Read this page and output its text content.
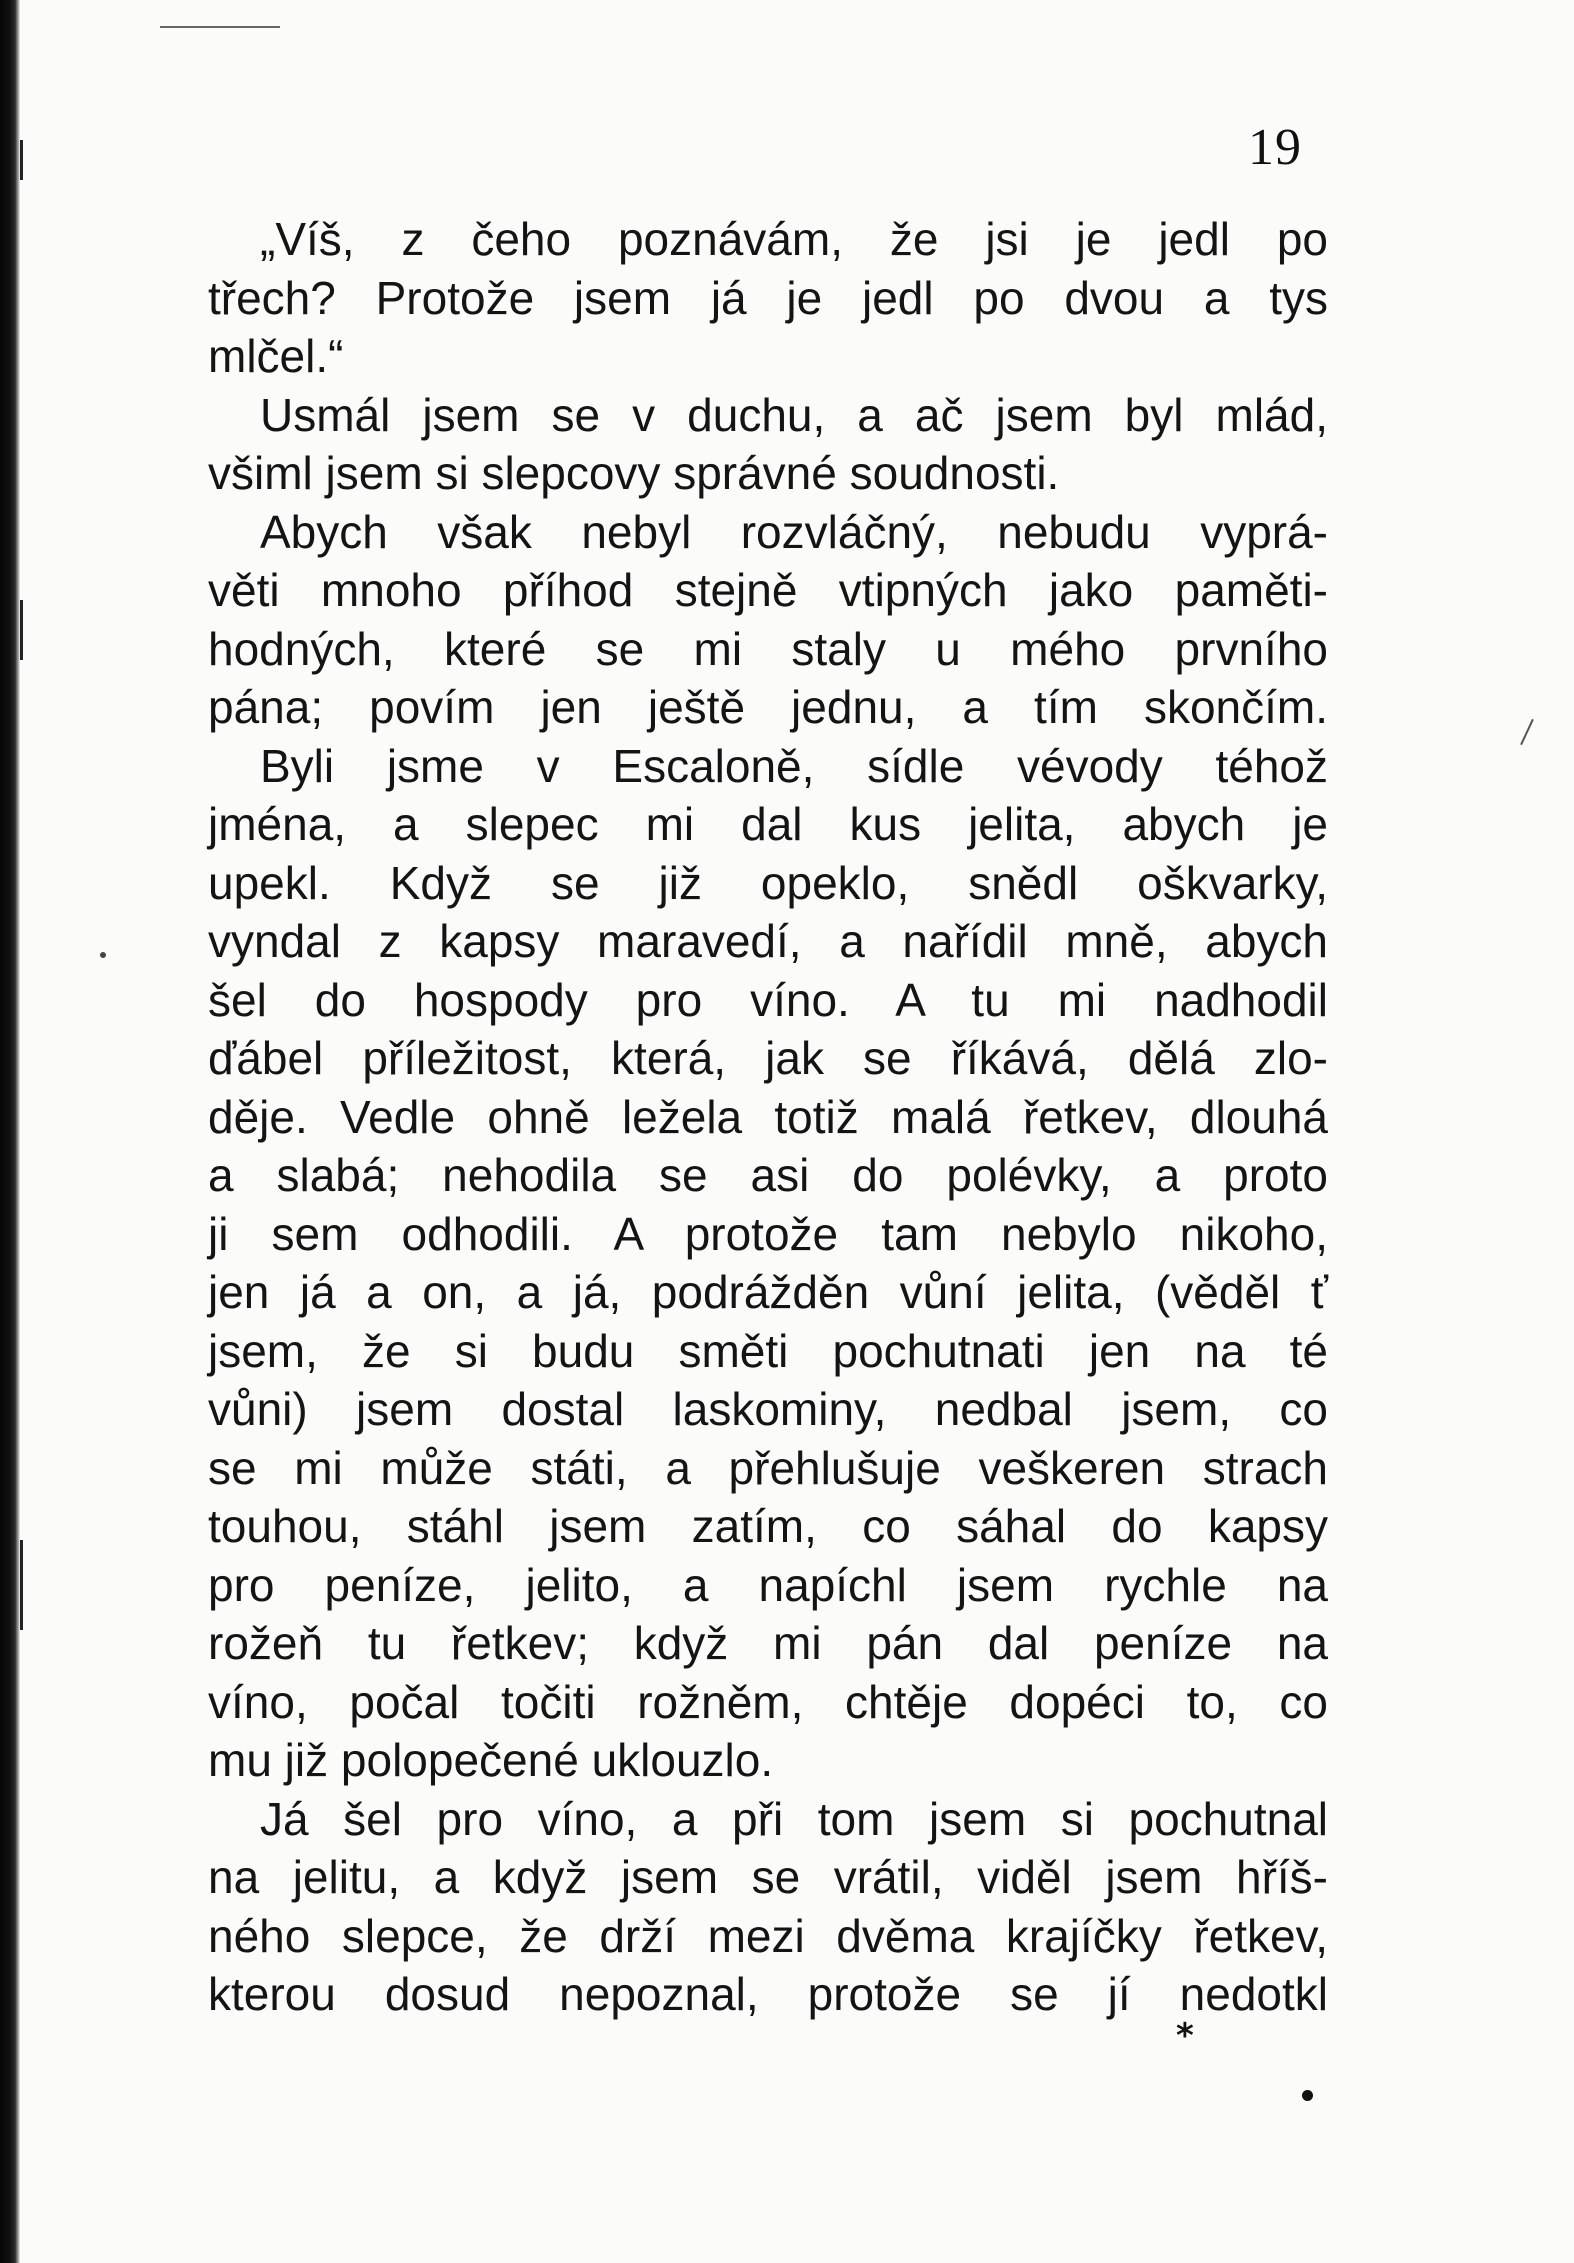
19
„Víš, z čeho poznávám, že jsi je jedl po
třech? Protože jsem já je jedl po dvou a tys
mlčel.“
Usmál jsem se v duchu, a ač jsem byl mlád,
všiml jsem si slepcovy správné soudnosti.
Abych však nebyl rozvláčný, nebudu vyprá-
věti mnoho příhod stejně vtipných jako paměti-
hodných, které se mi staly u mého prvního
pána; povím jen ještě jednu, a tím skončím.
Byli jsme v Escaloně, sídle vévody téhož
jména, a slepec mi dal kus jelita, abych je
upekl. Když se již opeklo, snědl oškvarky,
vyndal z kapsy maravedí, a nařídil mně, abych
šel do hospody pro víno. A tu mi nadhodil
ďábel příležitost, která, jak se říkává, dělá zlo-
děje. Vedle ohně ležela totiž malá řetkev, dlouhá
a slabá; nehodila se asi do polévky, a proto
ji sem odhodili. A protože tam nebylo nikoho,
jen já a on, a já, podrážděn vůní jelita, (věděl ť
jsem, že si budu směti pochutnati jen na té
vůni) jsem dostal laskominy, nedbal jsem, co
se mi může státi, a přehlušuje veškeren strach
touhou, stáhl jsem zatím, co sáhal do kapsy
pro peníze, jelito, a napíchl jsem rychle na
rožeň tu řetkev; když mi pán dal peníze na
víno, počal točiti rožněm, chtěje dopéci to, co
mu již polopečené uklouzlo.
Já šel pro víno, a při tom jsem si pochutnal
na jelitu, a když jsem se vrátil, viděl jsem hříš-
ného slepce, že drží mezi dvěma krajíčky řetkev,
kterou dosud nepoznal, protože se jí nedotkl
*
